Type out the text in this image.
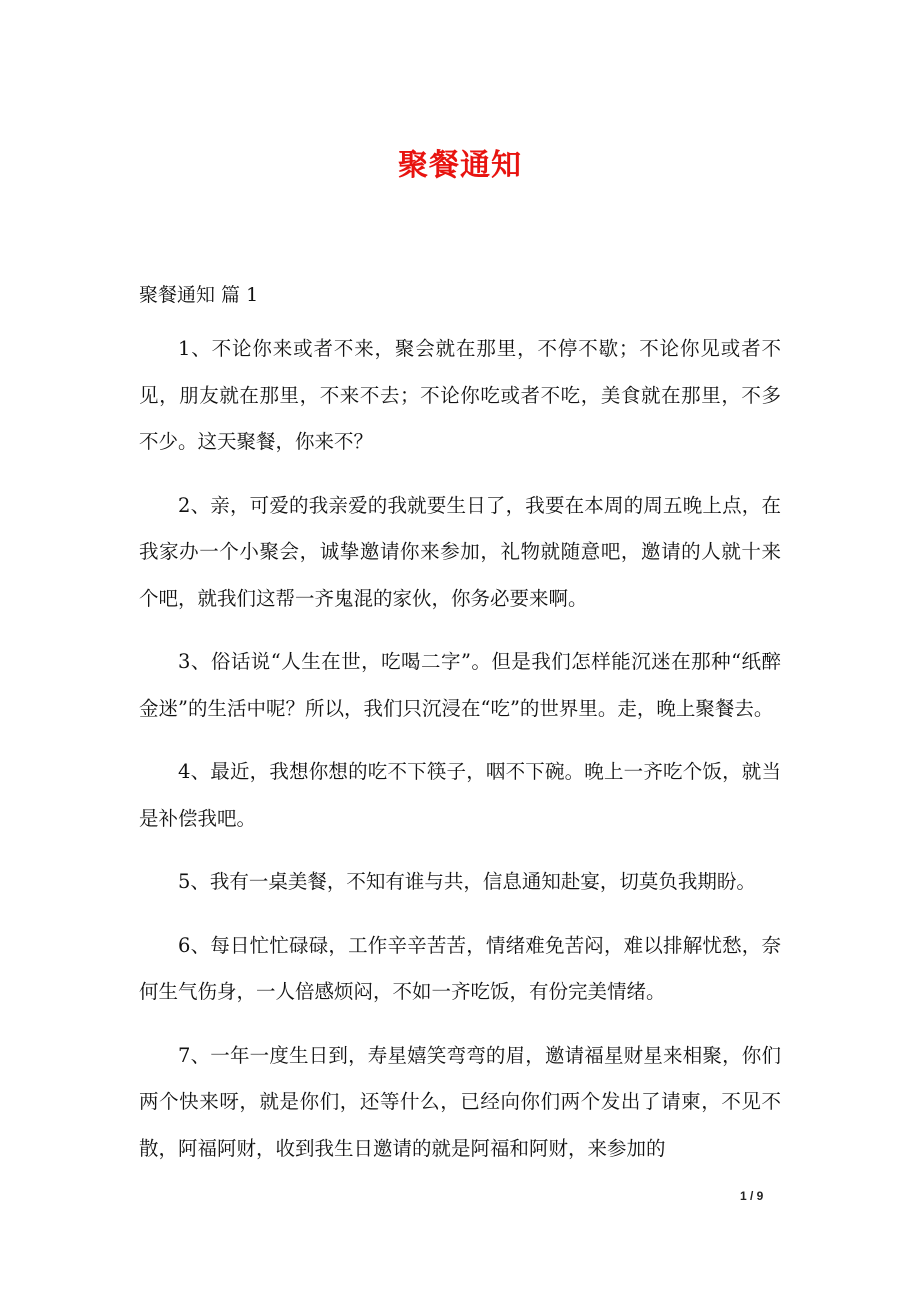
聚餐通知
聚餐通知 篇 1

1、不论你来或者不来，聚会就在那里，不停不歇；不论你见或者不见，朋友就在那里，不来不去；不论你吃或者不吃，美食就在那里，不多不少。这天聚餐，你来不？

2、亲，可爱的我亲爱的我就要生日了，我要在本周的周五晚上点，在我家办一个小聚会，诚挚邀请你来参加，礼物就随意吧，邀请的人就十来个吧，就我们这帮一齐鬼混的家伙，你务必要来啊。

3、俗话说“人生在世，吃喝二字”。但是我们怎样能沉迷在那种“纸醉金迷”的生活中呢？所以，我们只沉浸在“吃”的世界里。走，晚上聚餐去。

4、最近，我想你想的吃不下筷子，咽不下碗。晚上一齐吃个饭，就当是补偿我吧。

5、我有一桌美餐，不知有谁与共，信息通知赴宴，切莫负我期盼。

6、每日忙忙碌碌，工作辛辛苦苦，情绪难免苦闷，难以排解忧愁，奈何生气伤身，一人倍感烦闷，不如一齐吃饭，有份完美情绪。

7、一年一度生日到，寿星嬉笑弯弯的眉，邀请福星财星来相聚，你们两个快来呀，就是你们，还等什么，已经向你们两个发出了请柬，不见不散，阿福阿财，收到我生日邀请的就是阿福和阿财，来参加的

1 / 9
